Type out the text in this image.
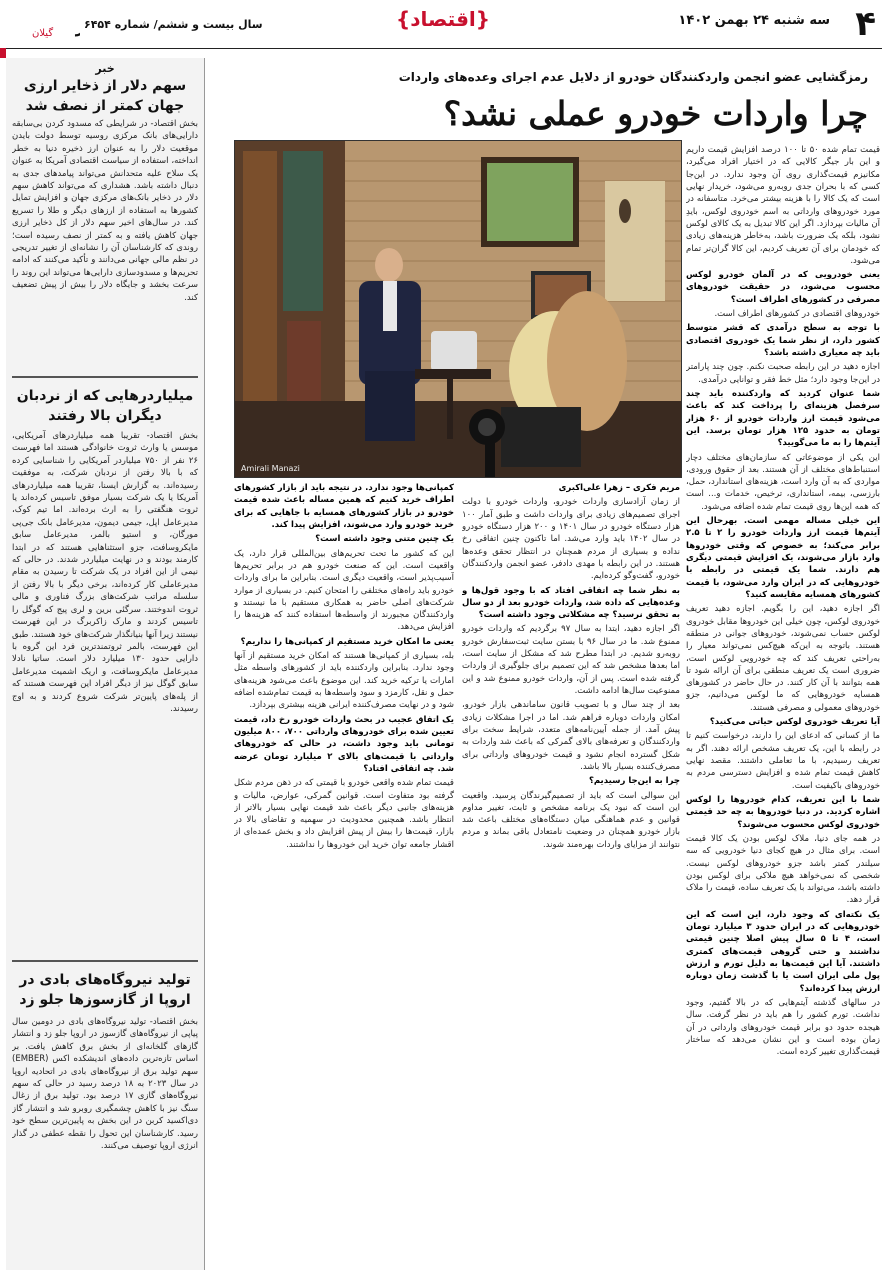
۴
سه شنبه ۲۴ بهمن ۱۴۰۲
{اقتصاد}
سال بیست و ششم/ شماره ۶۴۵۴
گیلان
خبر
سهم دلار از ذخایر ارزی جهان کمتر از نصف شد
بخش اقتصاد- در شرایطی که مسدود کردن بی‌سابقه دارایی‌های بانک مرکزی روسیه توسط دولت بایدن موقعیت دلار را به عنوان ارز ذخیره دنیا به خطر انداخته، استفاده از سیاست اقتصادی آمریکا به عنوان یک سلاح علیه متحدانش می‌تواند پیامدهای جدی به دنبال داشته باشد. هشداری که می‌تواند کاهش سهم دلار در ذخایر بانک‌های مرکزی جهان و افزایش تمایل کشورها به استفاده از ارزهای دیگر و طلا را تسریع کند. در سال‌های اخیر سهم دلار از کل ذخایر ارزی جهان کاهش یافته و به کمتر از نصف رسیده است؛ روندی که کارشناسان آن را نشانه‌ای از تغییر تدریجی در نظم مالی جهانی می‌دانند و تأکید می‌کنند که ادامه تحریم‌ها و مسدودسازی دارایی‌ها می‌تواند این روند را سرعت بخشد و جایگاه دلار را بیش از پیش تضعیف کند.
میلیاردرهایی که از نردبان دیگران بالا رفتند
بخش اقتصاد- تقریبا همه میلیاردرهای آمریکایی، موسس یا وارث ثروت خانوادگی هستند اما فهرست ۲۶ نفر از ۷۵۰ میلیاردر آمریکایی را شناسایی کرده که با بالا رفتن از نردبان شرکت، به موفقیت رسیده‌اند. به گزارش ایسنا، تقریبا همه میلیاردرهای آمریکا یا یک شرکت بسیار موفق تاسیس کرده‌اند یا ثروت هنگفتی را به ارث برده‌اند. اما تیم کوک، مدیرعامل اپل، جیمی دیمون، مدیرعامل بانک جی‌پی مورگان، و استیو بالمر، مدیرعامل سابق مایکروسافت، جزو استثناهایی هستند که در ابتدا کارمند بودند و در نهایت میلیاردر شدند. در حالی که نیمی از این افراد در یک شرکت تا رسیدن به مقام مدیرعاملی کار کرده‌اند، برخی دیگر با بالا رفتن از سلسله مراتب شرکت‌های بزرگ فناوری و مالی ثروت اندوختند. سرگئی برین و لری پیج که گوگل را تاسیس کردند و مارک زاکربرگ در این فهرست نیستند زیرا آنها بنیانگذار شرکت‌های خود هستند. طبق این فهرست، بالمر ثروتمندترین فرد این گروه با دارایی حدود ۱۳۰ میلیارد دلار است. ساتیا نادلا مدیرعامل مایکروسافت، و اریک اشمیت مدیرعامل سابق گوگل نیز از دیگر افراد این فهرست هستند که از پله‌های پایین‌تر شرکت شروع کردند و به اوج رسیدند.
تولید نیروگاه‌های بادی در اروپا از گازسوزها جلو زد
بخش اقتصاد- تولید نیروگاه‌های بادی در دومین سال پیاپی از نیروگاه‌های گازسوز در اروپا جلو زد و انتشار گازهای گلخانه‌ای از بخش برق کاهش یافت. بر اساس تازه‌ترین داده‌های اندیشکده اکس (EMBER) سهم تولید برق از نیروگاه‌های بادی در اتحادیه اروپا در سال ۲۰۲۳ به ۱۸ درصد رسید در حالی که سهم نیروگاه‌های گازی ۱۷ درصد بود. تولید برق از زغال سنگ نیز با کاهش چشمگیری روبرو شد و انتشار گاز دی‌اکسید کربن در این بخش به پایین‌ترین سطح خود رسید. کارشناسان این تحول را نقطه عطفی در گذار انرژی اروپا توصیف می‌کنند.
رمزگشایی عضو انجمن واردکنندگان خودرو از دلایل عدم اجرای وعده‌های واردات
چرا واردات خودرو عملی نشد؟
Amirali Manazi

قیمت تمام شده ۵۰ تا ۱۰۰ درصد افزایش قیمت داریم و این بار جیگر کالایی که در اختیار افراد می‌گیرد، مکانیزم قیمت‌گذاری روی آن وجود ندارد. در این‌جا کسی که با بحران جدی روبه‌رو می‌شود، خریدار نهایی است که یک کالا را با هزینه بیشتر می‌خرد. متاسفانه در مورد خودروهای وارداتی به اسم خودروی لوکس، بایدِ آن مالیات بپردازد. اگر این کالا تبدیل به یک کالای لوکس نشود، بلکه یک ضرورت باشد، به‌خاطر هزینه‌های زیادی که خودمان برای آن تعریف کردیم، این کالا گران‌تر تمام می‌شود.

یعنی خودرویی که در آلمان خودرو لوکس محسوب می‌شود، در حقیقت خودروهای مصرفی در کشورهای اطراف است؟

خودروهای اقتصادی در کشورهای اطراف است.

با توجه به سطح درآمدی که قشر متوسط کشور دارد، از نظر شما یک خودروی اقتصادی باید چه معیاری داشته باشد؟

اجازه دهید در این رابطه صحبت نکنم. چون چند پارامتر در این‌جا وجود دارد؛ مثل خط فقر و توانایی درآمدی.

شما عنوان کردید که واردکننده باید چند سرفصل هزینه‌ای را پرداخت کند که باعث می‌شود قیمت ارز واردات خودرو از ۶۰ هزار تومان به حدود ۱۲۵ هزار تومان برسد. این آیتم‌ها را به ما می‌گویید؟

این یکی از موضوعاتی که سازمان‌های مختلف دچار استنباط‌های مختلف از آن هستند. بعد از حقوق ورودی، مواردی که به آن وارد است، هزینه‌های استاندارد، حمل، بارزسی، بیمه، استانداری، ترخیص، خدمات و... است که همه این‌ها روی قیمت تمام شده اضافه می‌شود.

این خیلی مساله مهمی است. بهرحال این آیتم‌ها قیمت ارز واردات خودرو را ۲ تا ۲.۵ برابر می‌کند؛ به خصوص که وقتی خودروها وارد بازار می‌شوند، یک افزایش قیمتی دیگری هم دارند. شما یک قیمتی در رابطه با خودروهایی که در ایران وارد می‌شود، با قیمت کشورهای همسایه مقایسه کنید؟

اگر اجازه دهید، این را بگویم. اجازه دهید تعریف خودروی لوکس، چون خیلی این خودروها مقابل خودروی لوکس حساب نمی‌شوند، خودروهای جوانی در منطقه هستند. باتوجه به این‌که هیچ‌کس نمی‌تواند معیار را به‌راحتی تعریف کند که چه خودرویی لوکس است، ضروری است یک تعریف منطقی برای آن ارائه شود تا همه بتوانند با آن کار کنند. در حال حاضر در کشورهای همسایه خودروهایی که ما لوکس می‌دانیم، جزو خودروهای معمولی و مصرفی هستند.

آیا تعریف خودروی لوکس حیاتی می‌کنید؟

ما از کسانی که ادعای این را دارند، درخواست کنیم تا در رابطه با این، یک تعریف مشخص ارائه دهند. اگر به تعریف رسیدیم، با ما تعاملی داشتند. مقصد نهایی کاهش قیمت تمام شده و افزایش دسترسی مردم به خودروهای باکیفیت است.

شما با این تعریف، کدام خودروها را لوکس اشاره کردید. در دنیا خودروها به چه حد قیمتی خودروی لوکس محسوب می‌شوند؟

در همه جای دنیا، ملاک لوکس بودن یک کالا قیمت است. برای مثال در هیچ کجای دنیا خودرویی که سه سیلندر کمتر باشد جزو خودروهای لوکس نیست. شخصی که نمی‌خواهد هیچ ملاکی برای لوکس بودن داشته باشد، می‌تواند با یک تعریف ساده، قیمت را ملاک قرار دهد.

یک نکته‌ای که وجود دارد، این است که این خودروهایی که در ایران حدود ۳ میلیارد تومان است، ۴ تا ۵ سال پیش اصلا چنین قیمتی نداشتند و حتی گروهی قیمت‌های کمتری داشتند. آیا این قیمت‌ها به دلیل تورم و ارزش پول ملی ایران است یا با گذشت زمان دوباره ارزش پیدا کرده‌اند؟

در سالهای گذشته آیتم‌هایی که در بالا گفتیم، وجود نداشت. تورم کشور را هم باید در نظر گرفت. سال هیجده حدود دو برابر قیمت خودروهای وارداتی در آن زمان بوده است و این نشان می‌دهد که ساختار قیمت‌گذاری تغییر کرده است.

مریم فکری – زهرا علی‌اکبری

از زمان آزادسازی واردات خودرو، واردات خودرو با دولت اجرای تصمیم‌های زیادی برای واردات داشت و طبق آمار ۱۰۰ هزار دستگاه خودرو در سال ۱۴۰۱ و ۲۰۰ هزار دستگاه خودرو در سال ۱۴۰۲ باید وارد می‌شد. اما تاکنون چنین اتفاقی رخ نداده و بسیاری از مردم همچنان در انتظار تحقق وعده‌ها هستند. در این رابطه با مهدی دادفر، عضو انجمن واردکنندگان خودرو، گفت‌وگو کرده‌ایم.

به نظر شما چه اتفاقی افتاد که با وجود قول‌ها و وعده‌هایی که داده شد، واردات خودرو بعد از دو سال به تحقق نرسید؟ چه مشکلاتی وجود داشته است؟

اگر اجازه دهید، ابتدا به سال ۹۷ برگردیم که واردات خودرو ممنوع شد. ما در سال ۹۶ با بستن سایت ثبت‌سفارش خودرو روبه‌رو شدیم. در ابتدا مطرح شد که مشکل از سایت است، اما بعدها مشخص شد که این تصمیم برای جلوگیری از واردات گرفته شده است. پس از آن، واردات خودرو ممنوع شد و این ممنوعیت سال‌ها ادامه داشت.

بعد از چند سال و با تصویب قانون ساماندهی بازار خودرو، امکان واردات دوباره فراهم شد. اما در اجرا مشکلات زیادی پیش آمد. از جمله آیین‌نامه‌های متعدد، شرایط سخت برای واردکنندگان و تعرفه‌های بالای گمرکی که باعث شد واردات به شکل گسترده انجام نشود و قیمت خودروهای وارداتی برای مصرف‌کننده بسیار بالا باشد.

چرا به این‌جا رسیدیم؟

این سوالی است که باید از تصمیم‌گیرندگان پرسید. واقعیت این است که نبود یک برنامه مشخص و ثابت، تغییر مداوم قوانین و عدم هماهنگی میان دستگاه‌های مختلف باعث شد بازار خودرو همچنان در وضعیت نامتعادل باقی بماند و مردم نتوانند از مزایای واردات بهره‌مند شوند.

کمپانی‌ها وجود ندارد. در نتیجه باید از بازار کشورهای اطراف خرید کنیم که همین مساله باعث شده قیمت خودرو در بازار کشورهای همسایه با جاهایی که برای خرید خودرو وارد می‌شوند، افزایش پیدا کند.

یک چنین متنی وجود داشته است؟

این که کشور ما تحت تحریم‌های بین‌المللی قرار دارد، یک واقعیت است. این که صنعت خودرو هم در برابر تحریم‌ها آسیب‌پذیر است، واقعیت دیگری است. بنابراین ما برای واردات خودرو باید راه‌های مختلفی را امتحان کنیم. در بسیاری از موارد شرکت‌های اصلی حاضر به همکاری مستقیم با ما نیستند و واردکنندگان مجبورند از واسطه‌ها استفاده کنند که هزینه‌ها را افزایش می‌دهد.

یعنی ما امکان خرید مستقیم از کمپانی‌ها را نداریم؟

بله، بسیاری از کمپانی‌ها هستند که امکان خرید مستقیم از آنها وجود ندارد. بنابراین واردکننده باید از کشورهای واسطه مثل امارات یا ترکیه خرید کند. این موضوع باعث می‌شود هزینه‌های حمل و نقل، کارمزد و سود واسطه‌ها به قیمت تمام‌شده اضافه شود و در نهایت مصرف‌کننده ایرانی هزینه بیشتری بپردازد.

یک اتفاق عجیب در بحث واردات خودرو رخ داد، قیمت تعیین شده برای خودروهای وارداتی ۷۰۰، ۸۰۰ میلیون تومانی باید وجود داشت، در حالی که خودروهای وارداتی با قیمت‌های بالای ۲ میلیارد تومان عرضه شد. چه اتفاقی افتاد؟

قیمت تمام شده واقعی خودرو با قیمتی که در ذهن مردم شکل گرفته بود متفاوت است. قوانین گمرکی، عوارض، مالیات و هزینه‌های جانبی دیگر باعث شد قیمت نهایی بسیار بالاتر از انتظار باشد. همچنین محدودیت در سهمیه و تقاضای بالا در بازار، قیمت‌ها را بیش از پیش افزایش داد و بخش عمده‌ای از اقشار جامعه توان خرید این خودروها را نداشتند.
